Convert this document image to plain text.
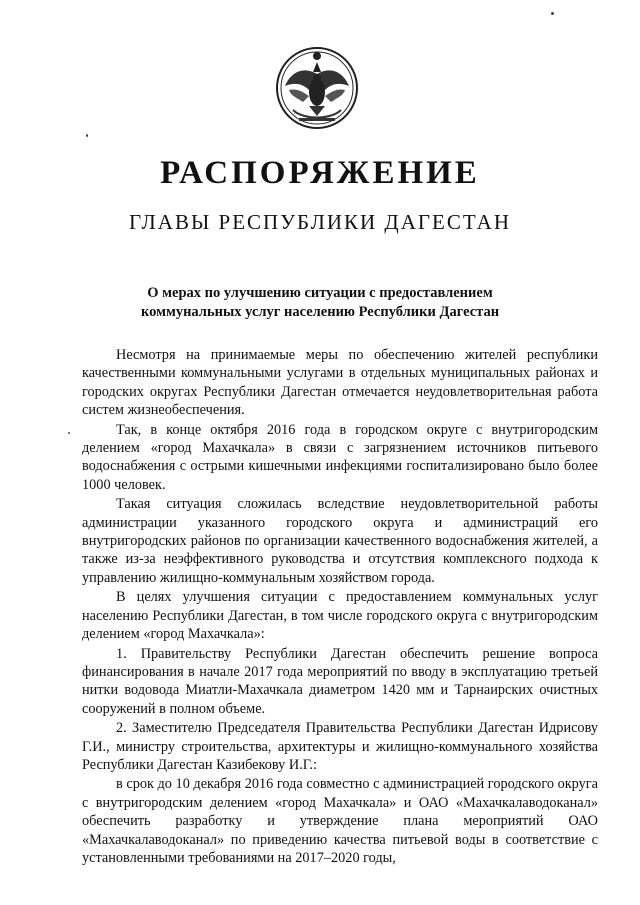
РАСПОРЯЖЕНИЕ
ГЛАВЫ РЕСПУБЛИКИ ДАГЕСТАН
О мерах по улучшению ситуации с предоставлением
коммунальных услуг населению Республики Дагестан

Несмотря на принимаемые меры по обеспечению жителей республики качественными коммунальными услугами в отдельных муниципальных районах и городских округах Республики Дагестан отмечается неудовлетворительная работа систем жизнеобеспечения.

Так, в конце октября 2016 года в городском округе с внутригородским делением «город Махачкала» в связи с загрязнением источников питьевого водоснабжения с острыми кишечными инфекциями госпитализировано было более 1000 человек.

Такая ситуация сложилась вследствие неудовлетворительной работы администрации указанного городского округа и администраций его внутригородских районов по организации качественного водоснабжения жителей, а также из-за неэффективного руководства и отсутствия комплексного подхода к управлению жилищно-коммунальным хозяйством города.

В целях улучшения ситуации с предоставлением коммунальных услуг населению Республики Дагестан, в том числе городского округа с внутригородским делением «город Махачкала»:

1. Правительству Республики Дагестан обеспечить решение вопроса финансирования в начале 2017 года мероприятий по вводу в эксплуатацию третьей нитки водовода Миатли-Махачкала диаметром 1420 мм и Тарнаирских очистных сооружений в полном объеме.

2. Заместителю Председателя Правительства Республики Дагестан Идрисову Г.И., министру строительства, архитектуры и жилищно-коммунального хозяйства Республики Дагестан Казибекову И.Г.:

в срок до 10 декабря 2016 года совместно с администрацией городского округа с внутригородским делением «город Махачкала» и ОАО «Махачкалаводоканал» обеспечить разработку и утверждение плана мероприятий ОАО «Махачкалаводоканал» по приведению качества питьевой воды в соответствие с установленными требованиями на 2017–2020 годы,
